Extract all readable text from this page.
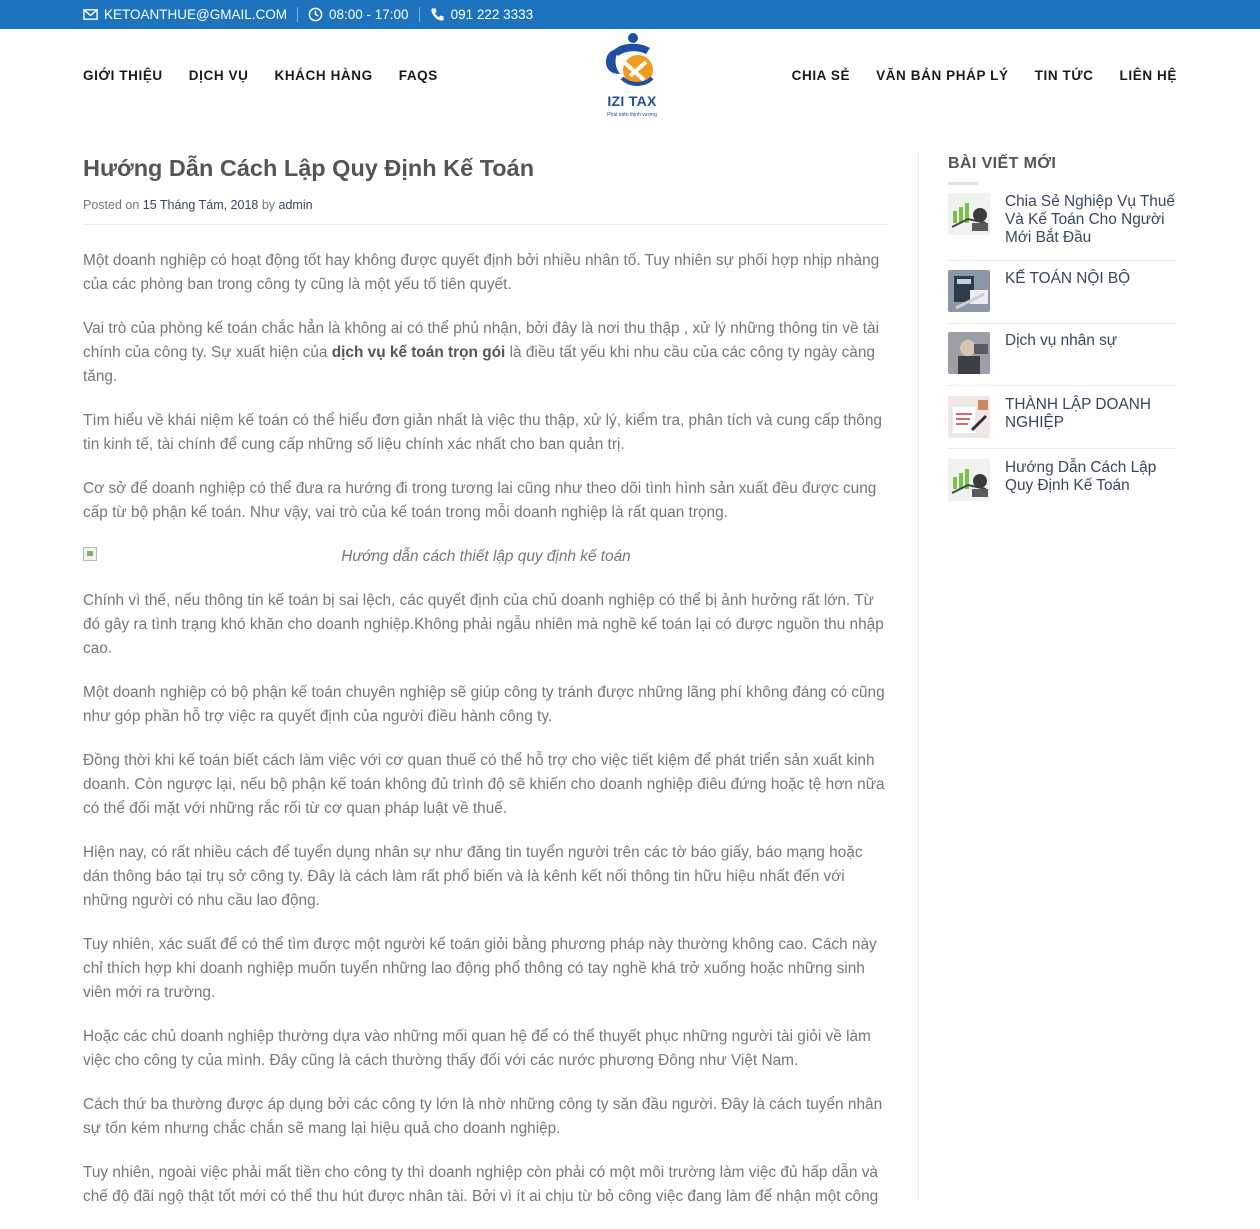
KETOANTHUE@GMAIL.COM	08:00 - 17:00	091 222 3333
GIỚI THIỆU DỊCH VỤ KHÁCH HÀNG FAQS
IZI TAX
Phát triển thịnh vượng
CHIA SẺ VĂN BẢN PHÁP LÝ TIN TỨC LIÊN HỆ
Hướng Dẫn Cách Lập Quy Định Kế Toán
Posted on 15 Tháng Tám, 2018 by admin

Một doanh nghiệp có hoạt động tốt hay không được quyết định bởi nhiều nhân tố. Tuy nhiên sự phối hợp nhịp nhàng của các phòng ban trong công ty cũng là một yếu tố tiên quyết.

Vai trò của phòng kế toán chắc hẳn là không ai có thể phủ nhận, bởi đây là nơi thu thập , xử lý những thông tin về tài chính của công ty. Sự xuất hiện của dịch vụ kế toán trọn gói là điều tất yếu khi nhu cầu của các công ty ngày càng tăng.

Tìm hiểu về khái niệm kế toán có thể hiểu đơn giản nhất là việc thu thập, xử lý, kiểm tra, phân tích và cung cấp thông tin kinh tế, tài chính để cung cấp những số liệu chính xác nhất cho ban quản trị.

Cơ sở để doanh nghiệp có thể đưa ra hướng đi trong tương lai cũng như theo dõi tình hình sản xuất đều được cung cấp từ bộ phận kế toán. Như vậy, vai trò của kế toán trong mỗi doanh nghiệp là rất quan trọng.

Hướng dẫn cách thiết lập quy định kế toán

Chính vì thế, nếu thông tin kế toán bị sai lệch, các quyết định của chủ doanh nghiệp có thể bị ảnh hưởng rất lớn. Từ đó gây ra tình trạng khó khăn cho doanh nghiệp.Không phải ngẫu nhiên mà nghề kế toán lại có được nguồn thu nhập cao.

Một doanh nghiệp có bộ phận kế toán chuyên nghiệp sẽ giúp công ty tránh được những lãng phí không đáng có cũng như góp phần hỗ trợ việc ra quyết định của người điều hành công ty.

Đồng thời khi kế toán biết cách làm việc với cơ quan thuế có thể hỗ trợ cho việc tiết kiệm để phát triển sản xuất kinh doanh. Còn ngược lại, nếu bộ phận kế toán không đủ trình độ sẽ khiến cho doanh nghiệp điêu đứng hoặc tệ hơn nữa có thể đối mặt với những rắc rối từ cơ quan pháp luật về thuế.

Hiện nay, có rất nhiều cách để tuyển dụng nhân sự như đăng tin tuyển người trên các tờ báo giấy, báo mạng hoặc dán thông báo tại trụ sở công ty. Đây là cách làm rất phổ biến và là kênh kết nối thông tin hữu hiệu nhất đến với những người có nhu cầu lao động.

Tuy nhiên, xác suất để có thể tìm được một người kế toán giỏi bằng phương pháp này thường không cao. Cách này chỉ thích hợp khi doanh nghiệp muốn tuyển những lao động phổ thông có tay nghề khá trở xuống hoặc những sinh viên mới ra trường.

Hoặc các chủ doanh nghiệp thường dựa vào những mối quan hệ để có thể thuyết phục những người tài giỏi về làm việc cho công ty của mình. Đây cũng là cách thường thấy đối với các nước phương Đông như Việt Nam.

Cách thứ ba thường được áp dụng bởi các công ty lớn là nhờ những công ty săn đầu người. Đây là cách tuyển nhân sự tốn kém nhưng chắc chắn sẽ mang lại hiệu quả cho doanh nghiệp.

Tuy nhiên, ngoài việc phải mất tiền cho công ty thì doanh nghiệp còn phải có một môi trường làm việc đủ hấp dẫn và chế độ đãi ngộ thật tốt mới có thể thu hút được nhân tài. Bởi vì ít ai chịu từ bỏ công việc đang làm để nhận một công

BÀI VIẾT MỚI
Chia Sẻ Nghiệp Vụ Thuế Và Kế Toán Cho Người Mới Bắt Đầu
KẾ TOÁN NỘI BỘ
Dịch vụ nhân sự
THÀNH LẬP DOANH NGHIỆP
Hướng Dẫn Cách Lập Quy Định Kế Toán
